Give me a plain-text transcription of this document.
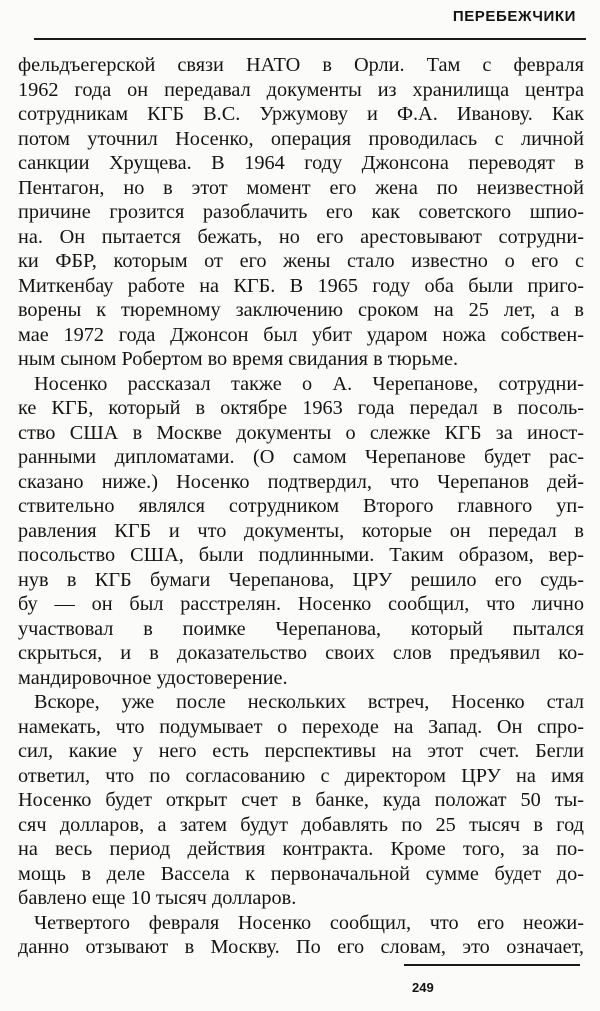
ПЕРЕБЕЖЧИКИ
фельдъегерской связи НАТО в Орли. Там с февраля
1962 года он передавал документы из хранилища центра
сотрудникам КГБ В.С. Уржумову и Ф.А. Иванову. Как
потом уточнил Носенко, операция проводилась с личной
санкции Хрущева. В 1964 году Джонсона переводят в
Пентагон, но в этот момент его жена по неизвестной
причине грозится разоблачить его как советского шпио-
на. Он пытается бежать, но его арестовывают сотрудни-
ки ФБР, которым от его жены стало известно о его с
Миткенбау работе на КГБ. В 1965 году оба были приго-
ворены к тюремному заключению сроком на 25 лет, а в
мае 1972 года Джонсон был убит ударом ножа собствен-
ным сыном Робертом во время свидания в тюрьме.
Носенко рассказал также о А. Черепанове, сотрудни-
ке КГБ, который в октябре 1963 года передал в посоль-
ство США в Москве документы о слежке КГБ за иност-
ранными дипломатами. (О самом Черепанове будет рас-
сказано ниже.) Носенко подтвердил, что Черепанов дей-
ствительно являлся сотрудником Второго главного уп-
равления КГБ и что документы, которые он передал в
посольство США, были подлинными. Таким образом, вер-
нув в КГБ бумаги Черепанова, ЦРУ решило его судь-
бу — он был расстрелян. Носенко сообщил, что лично
участвовал в поимке Черепанова, который пытался
скрыться, и в доказательство своих слов предъявил ко-
мандировочное удостоверение.
Вскоре, уже после нескольких встреч, Носенко стал
намекать, что подумывает о переходе на Запад. Он спро-
сил, какие у него есть перспективы на этот счет. Бегли
ответил, что по согласованию с директором ЦРУ на имя
Носенко будет открыт счет в банке, куда положат 50 ты-
сяч долларов, а затем будут добавлять по 25 тысяч в год
на весь период действия контракта. Кроме того, за по-
мощь в деле Вассела к первоначальной сумме будет до-
бавлено еще 10 тысяч долларов.
Четвертого февраля Носенко сообщил, что его неожи-
данно отзывают в Москву. По его словам, это означает,
249
